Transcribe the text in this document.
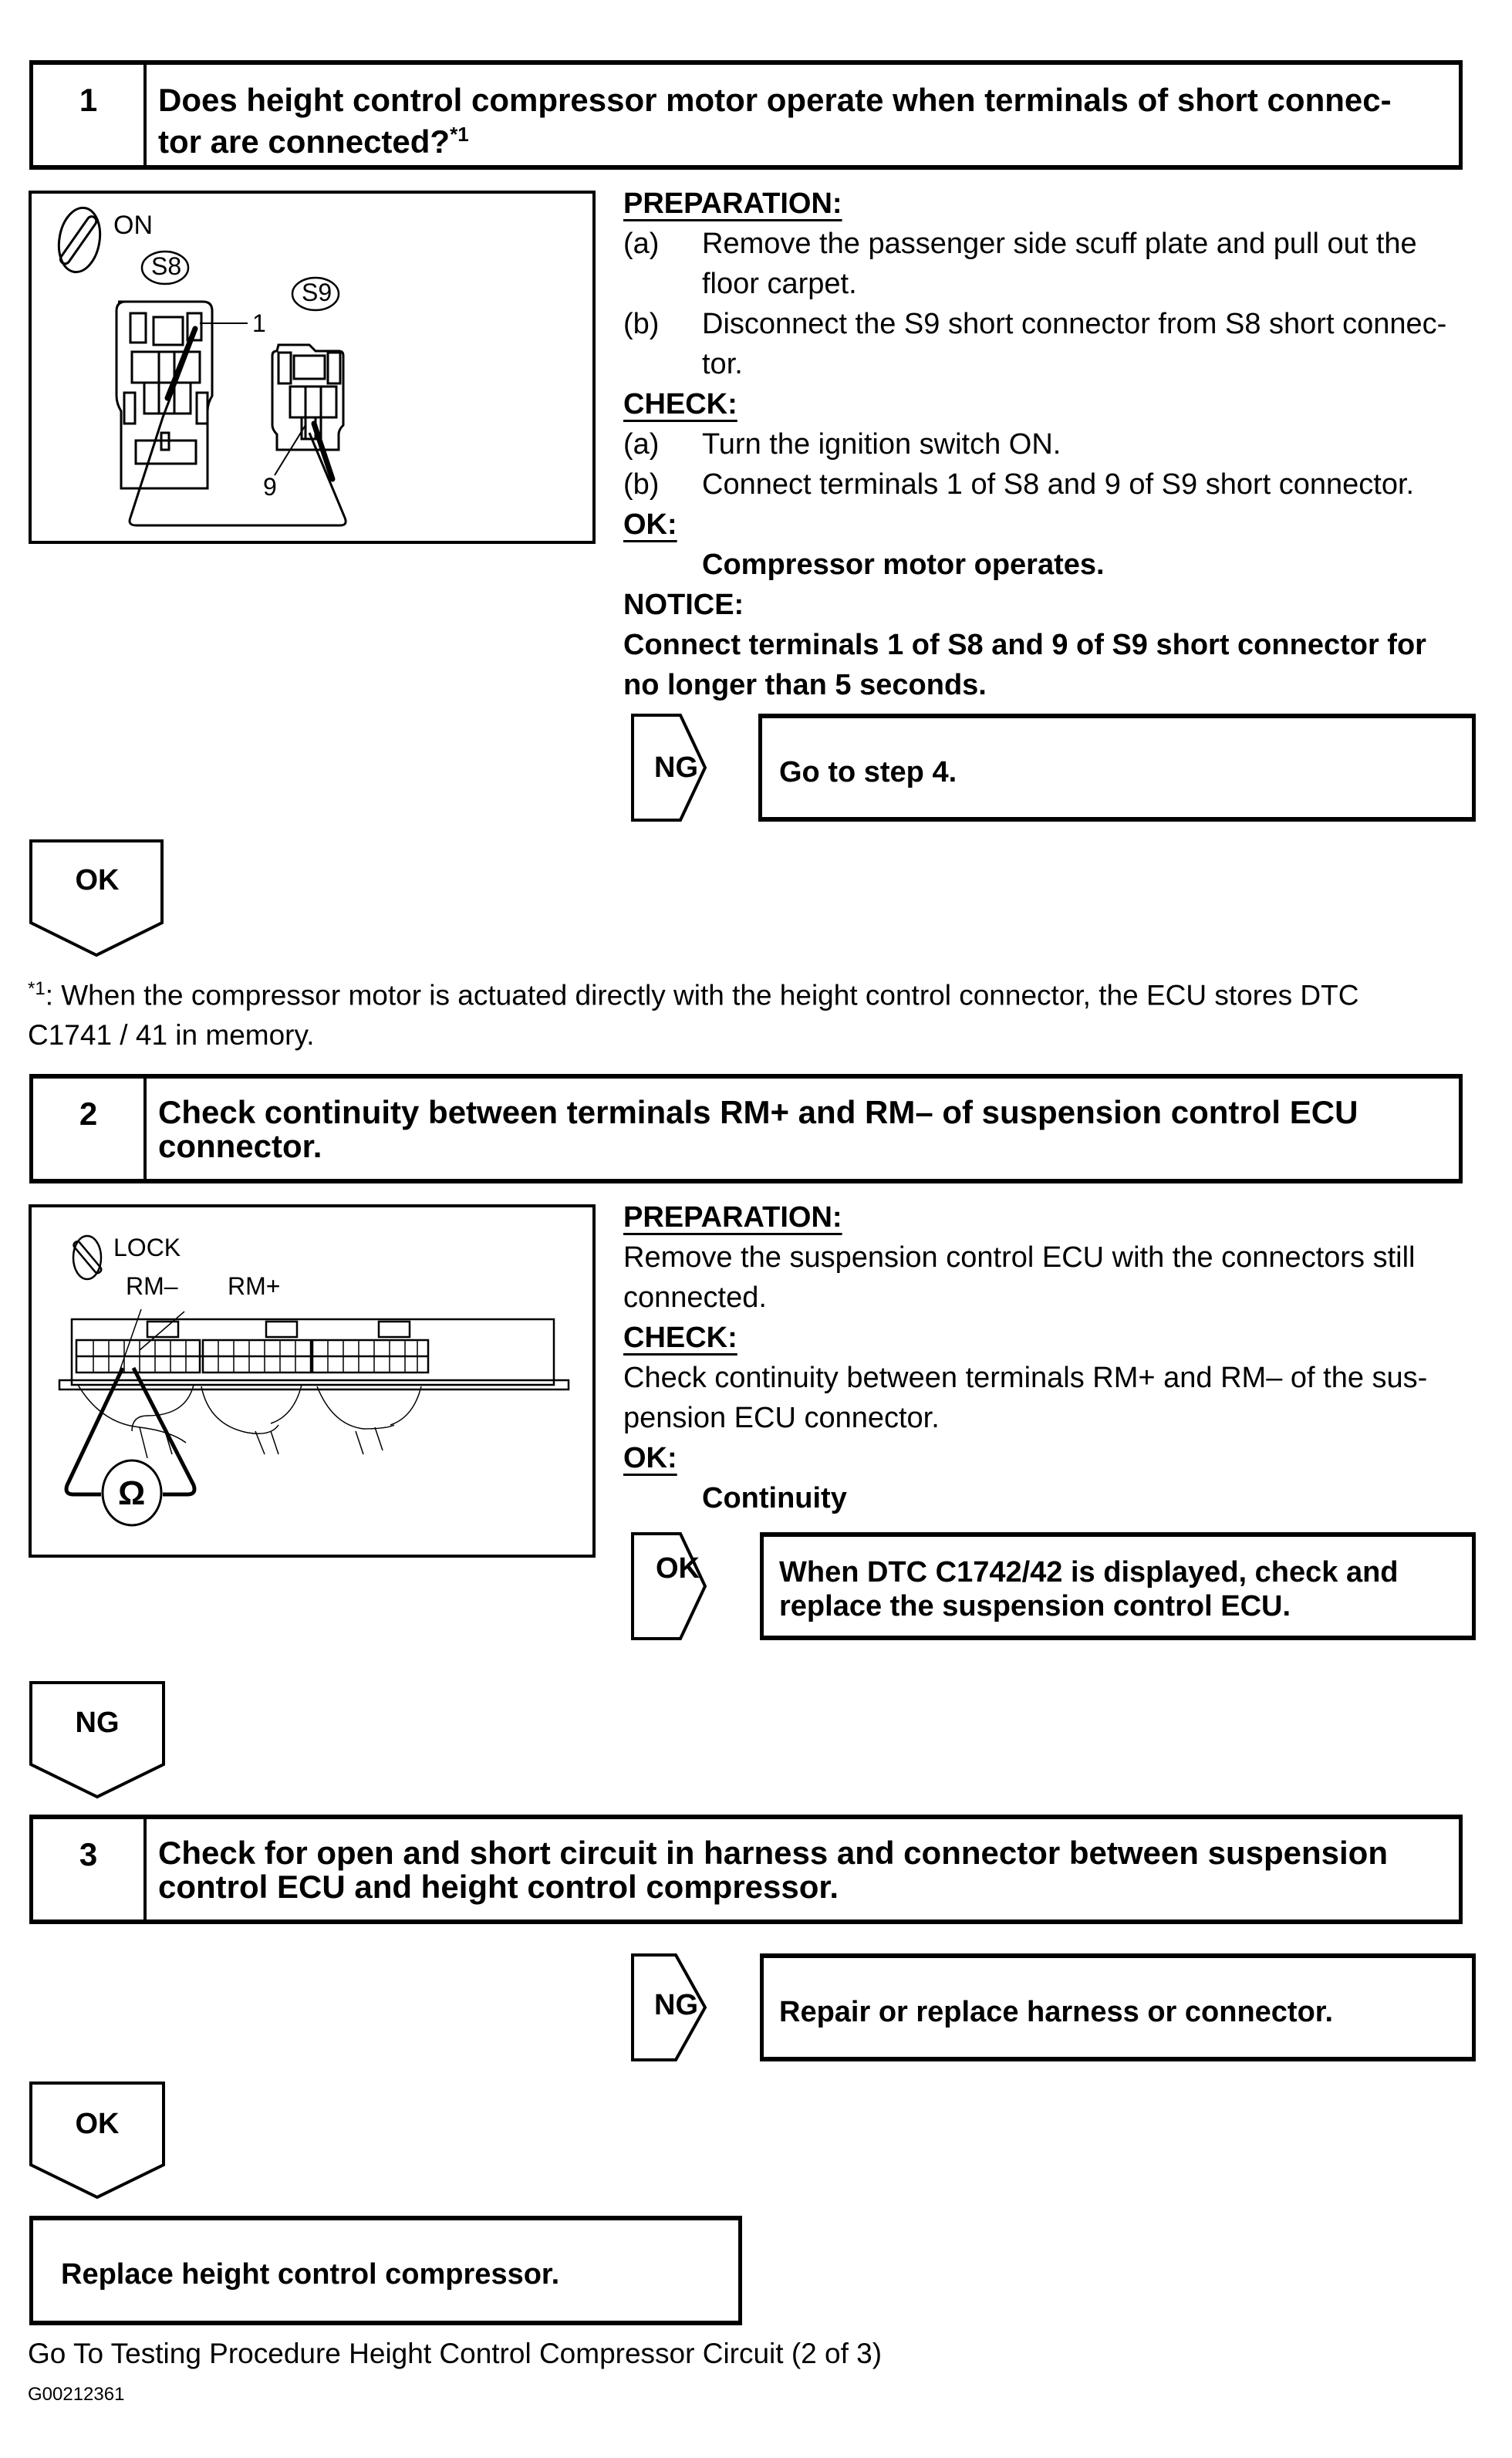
1	Does height control compressor motor operate when terminals of short connec-
tor are connected?$^{*1}$
ON
S8
S9
1
9
PREPARATION:
(a)	Remove the passenger side scuff plate and pull out the
floor carpet.
(b)	Disconnect the S9 short connector from S8 short connec-
tor.
CHECK:
(a)	Turn the ignition switch ON.
(b)	Connect terminals 1 of S8 and 9 of S9 short connector.
OK:
Compressor motor operates.
NOTICE:
Connect terminals 1 of S8 and 9 of S9 short connector for
no longer than 5 seconds.
NG	Go to step 4.
OK
$^{*1}$: When the compressor motor is actuated directly with the height control connector, the ECU stores DTC
C1741 / 41 in memory.
2	Check continuity between terminals RM+ and RM– of suspension control ECU
connector.
LOCK
RM– RM+
Ω
PREPARATION:
Remove the suspension control ECU with the connectors still
connected.
CHECK:
Check continuity between terminals RM+ and RM– of the sus-
pension ECU connector.
OK:
Continuity
OK	When DTC C1742/42 is displayed, check and
replace the suspension control ECU.
NG
3	Check for open and short circuit in harness and connector between suspension
control ECU and height control compressor.
NG	Repair or replace harness or connector.
OK
Replace height control compressor.
Go To Testing Procedure Height Control Compressor Circuit (2 of 3)
G00212361
